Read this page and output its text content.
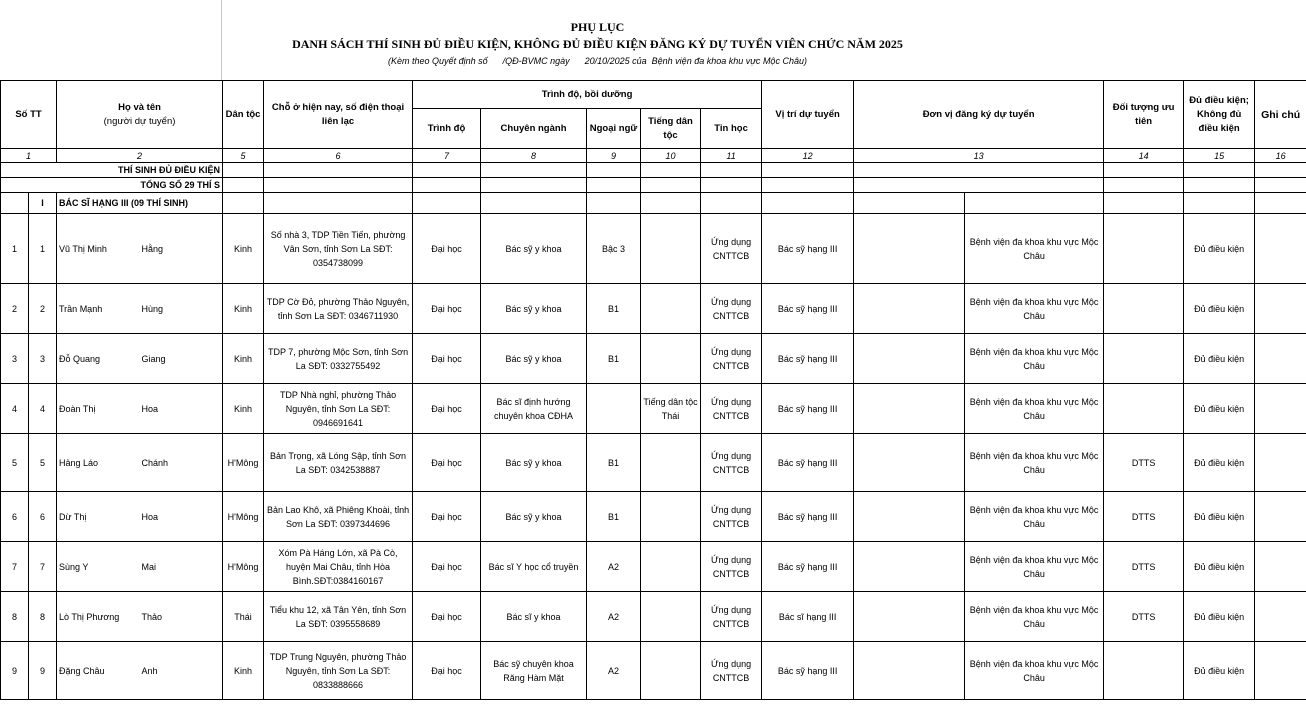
PHỤ LỤC
DANH SÁCH THÍ SINH ĐỦ ĐIỀU KIỆN, KHÔNG ĐỦ ĐIỀU KIỆN ĐĂNG KÝ DỰ TUYỂN VIÊN CHỨC NĂM 2025
(Kèm theo Quyết định số      /QĐ-BVMC ngày      20/10/2025 của  Bệnh viện đa khoa khu vực Mộc Châu)
Số TT		Họ và tên
(người dự tuyển)		Dân tộc	Chỗ ở hiện nay, số điện thoại liên lạc	Trình độ, bồi dưỡng					Vị trí dự tuyển	Đơn vị đăng ký dự tuyển		Đối tượng ưu tiên	Đủ điều kiện; Không đủ điều kiện	Ghi chú
						Trình độ	Chuyên ngành	Ngoại ngữ	Tiếng dân tộc	Tin học						
1		2		5	6	7	8	9	10	11	12	13		14	15	16
THÍ SINH ĐỦ ĐIỀU KIỆN																
TỔNG SỐ 29 THÍ S																
	I	BÁC SĨ HẠNG III (09 THÍ SINH)														
1	1	Vũ Thị Minh	Hằng	Kinh	Số nhà 3, TDP Tiền Tiến, phường Vân Sơn, tỉnh Sơn La SĐT: 0354738099	Đại học	Bác sỹ y khoa	Bậc 3		Ứng dụng CNTTCB	Bác sỹ hạng III		Bệnh viện đa khoa khu vực Mộc Châu		Đủ điều kiện	
2	2	Trần Mạnh	Hùng	Kinh	TDP Cờ Đỏ, phường Thảo Nguyên, tỉnh Sơn La SĐT: 0346711930	Đại học	Bác sỹ y khoa	B1		Ứng dụng CNTTCB	Bác sỹ hạng III		Bệnh viện đa khoa khu vực Mộc Châu		Đủ điều kiện	
3	3	Đỗ Quang	Giang	Kinh	TDP 7, phường Mộc Sơn, tỉnh Sơn La SĐT: 0332755492	Đại học	Bác sỹ y khoa	B1		Ứng dụng CNTTCB	Bác sỹ hạng III		Bệnh viện đa khoa khu vực Mộc Châu		Đủ điều kiện	
4	4	Đoàn Thị	Hoa	Kinh	TDP Nhà nghỉ, phường Thảo Nguyên, tỉnh Sơn La SĐT: 0946691641	Đại học	Bác sĩ định hướng chuyên khoa CĐHA		Tiếng dân tộc Thái	Ứng dụng CNTTCB	Bác sỹ hạng III		Bệnh viện đa khoa khu vực Mộc Châu		Đủ điều kiện	
5	5	Hảng Láo	Chánh	H'Mông	Bản Trọng, xã Lóng Sập, tỉnh Sơn La SĐT: 0342538887	Đại học	Bác sỹ y khoa	B1		Ứng dụng CNTTCB	Bác sỹ hạng III		Bệnh viện đa khoa khu vực Mộc Châu	DTTS	Đủ điều kiện	
6	6	Dừ Thị	Hoa	H'Mông	Bản Lao Khô, xã Phiêng Khoài, tỉnh Sơn La SĐT: 0397344696	Đại học	Bác sỹ y khoa	B1		Ứng dụng CNTTCB	Bác sỹ hạng III		Bệnh viện đa khoa khu vực Mộc Châu	DTTS	Đủ điều kiện	
7	7	Sùng Y	Mai	H'Mông	Xóm Pà Háng Lớn, xã Pà Cò, huyện Mai Châu, tỉnh Hòa Bình.SĐT:0384160167	Đại học	Bác sĩ Y học cổ truyền	A2		Ứng dụng CNTTCB	Bác sỹ hạng III		Bệnh viện đa khoa khu vực Mộc Châu	DTTS	Đủ điều kiện	
8	8	Lò Thị Phương	Thảo	Thái	Tiểu khu 12, xã Tân Yên, tỉnh Sơn La SĐT: 0395558689	Đại học	Bác sĩ y khoa	A2		Ứng dụng CNTTCB	Bác sĩ hạng III		Bệnh viện đa khoa khu vực Mộc Châu	DTTS	Đủ điều kiện	
9	9	Đặng Châu	Anh	Kinh	TDP Trung Nguyên, phường Thảo Nguyên, tỉnh Sơn La SĐT: 0833888666	Đại học	Bác sỹ chuyên khoa Răng Hàm Mặt	A2		Ứng dụng CNTTCB	Bác sỹ hạng III		Bệnh viện đa khoa khu vực Mộc Châu		Đủ điều kiện	
